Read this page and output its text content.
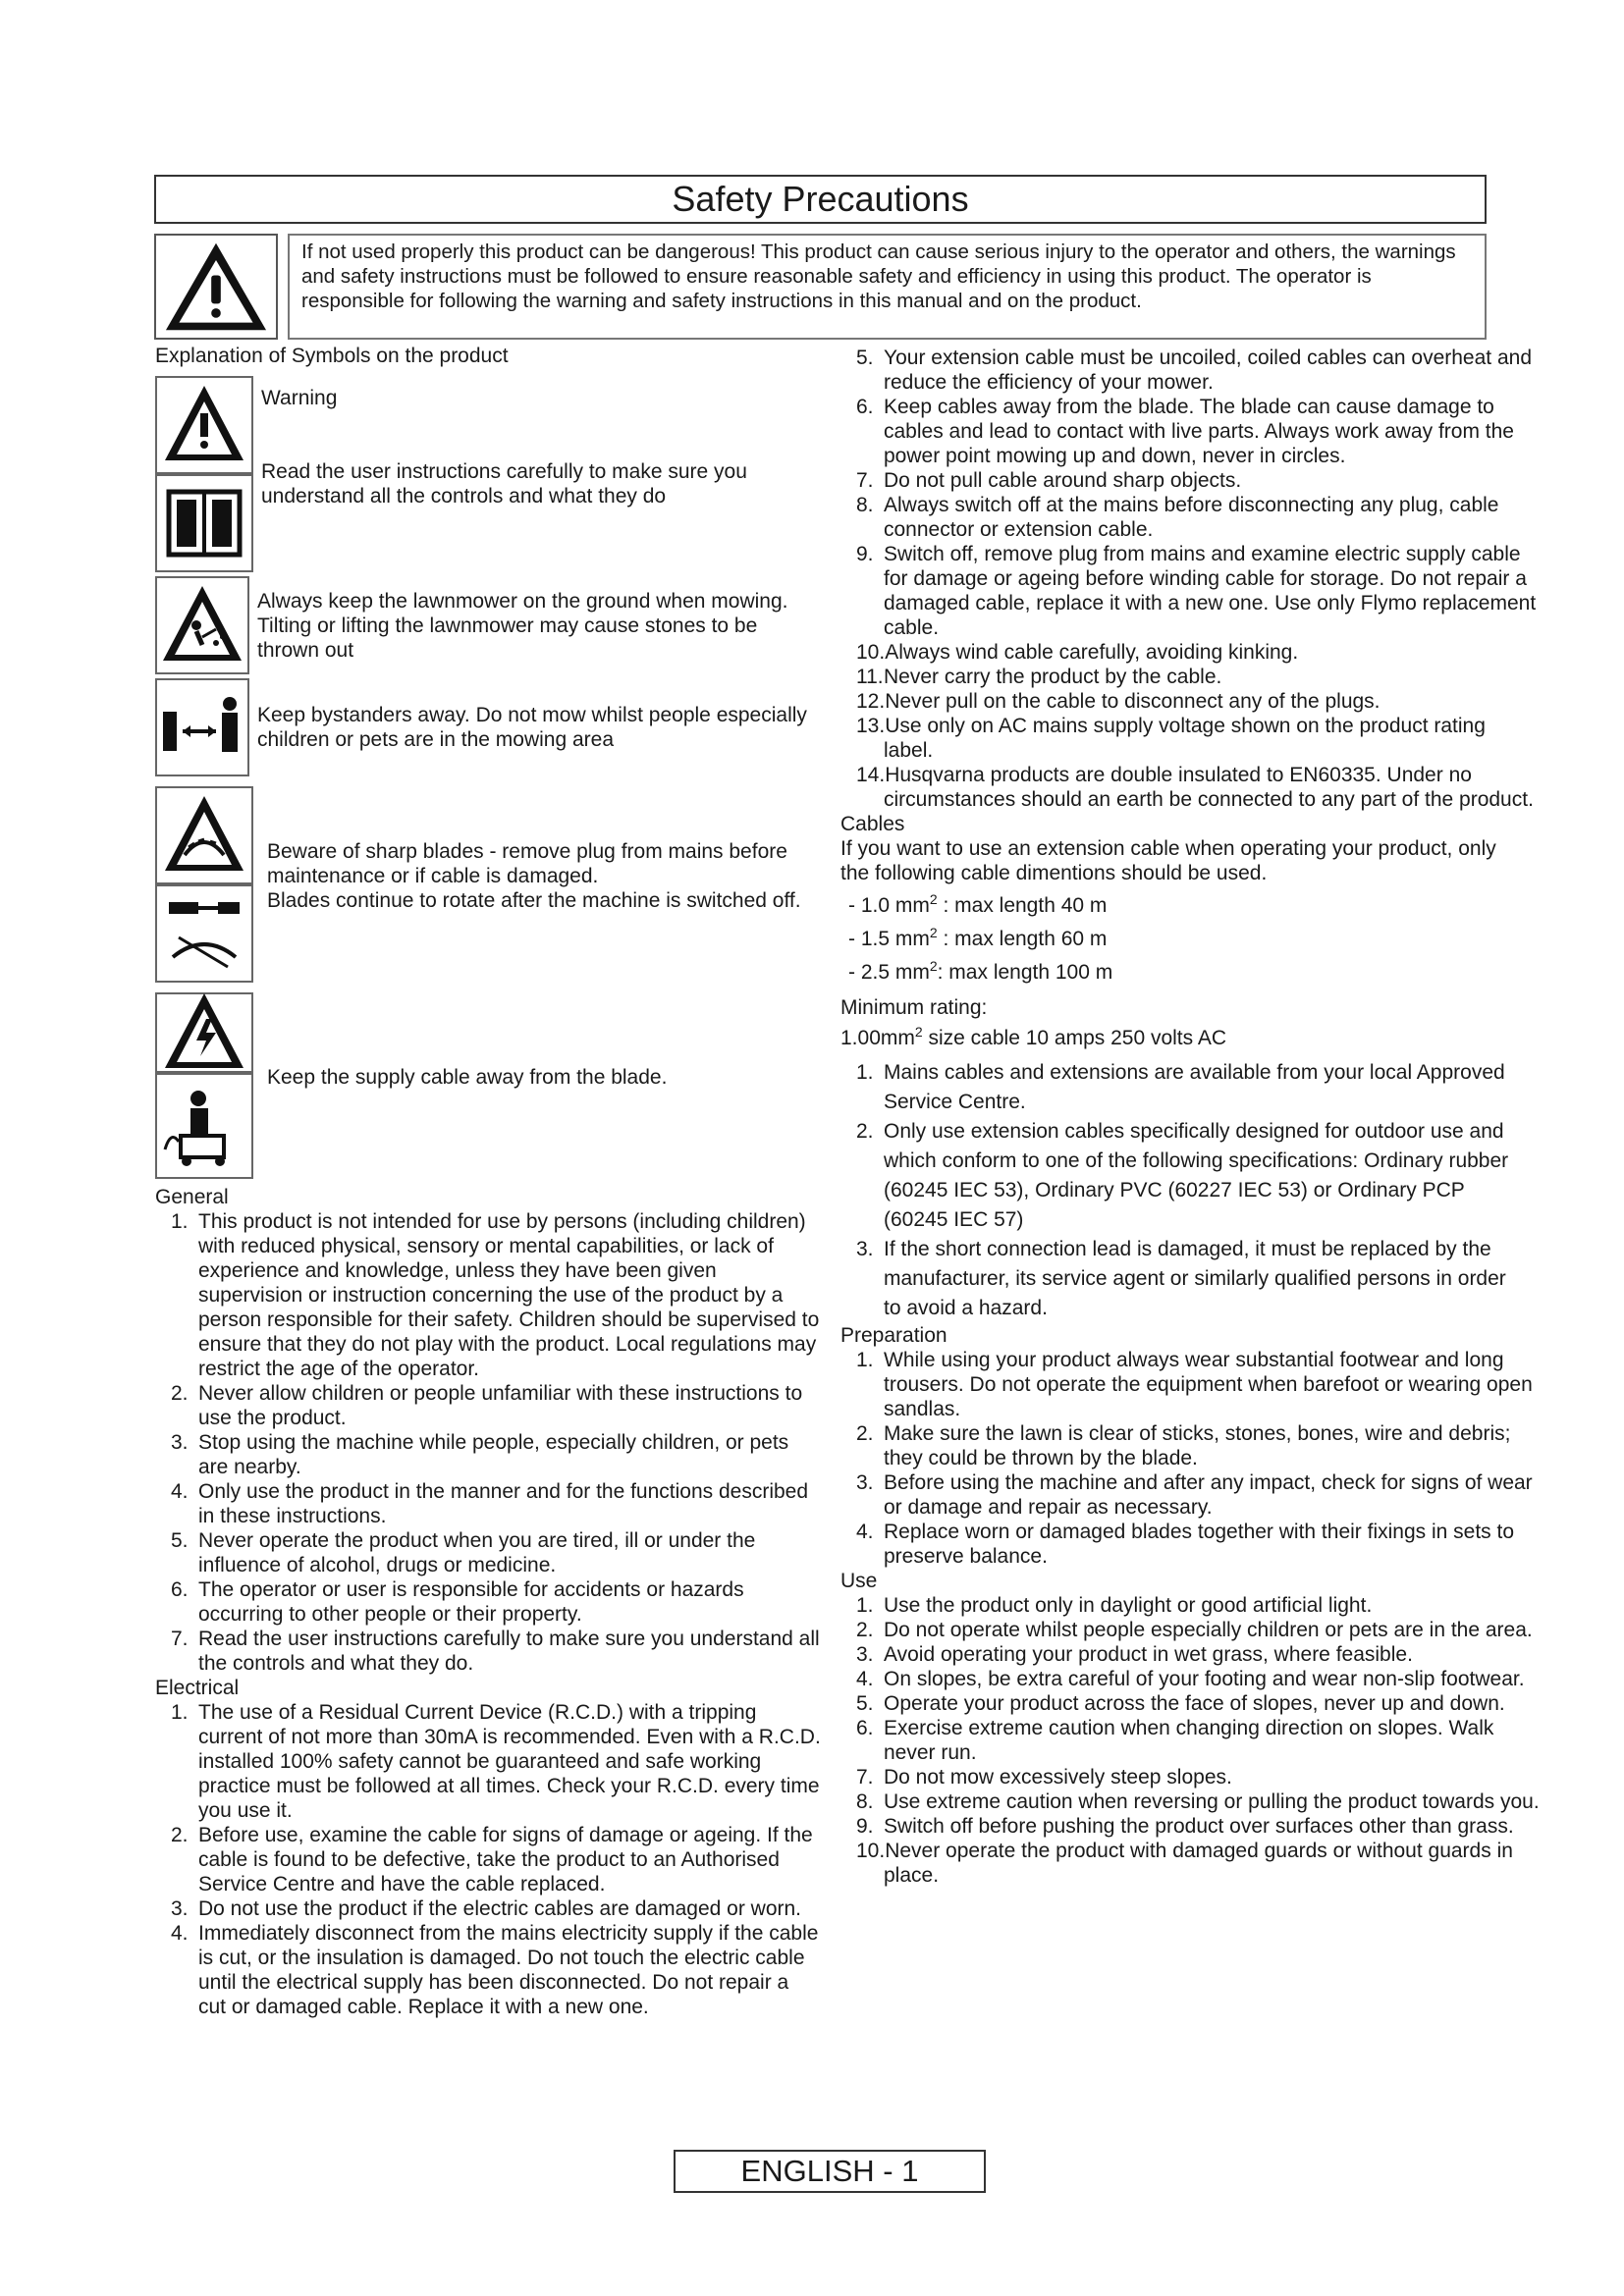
Safety Precautions
If not used properly this product can be dangerous! This product can cause serious injury to the operator and others, the warnings and safety instructions must be followed to ensure reasonable safety and efficiency in using this product. The operator is responsible for following the warning and safety instructions in this manual and on the product.
Explanation of Symbols on the product
Warning
Read the user instructions carefully to make sure you understand all the controls and what they do
Always keep the lawnmower on the ground when mowing. Tilting or lifting the lawnmower may cause stones to be thrown out
Keep bystanders away. Do not mow whilst people especially children or pets are in the mowing area
Beware of sharp blades - remove plug from mains before maintenance or if cable is damaged.
Blades continue to rotate after the machine is switched off.
Keep the supply cable away from the blade.
General
1. This product is not intended for use by persons (including children) with reduced physical, sensory or mental capabilities, or lack of experience and knowledge, unless they have been given supervision or instruction concerning the use of the product by a person responsible for their safety. Children should be supervised to ensure that they do not play with the product. Local regulations may restrict the age of the operator.
2. Never allow children or people unfamiliar with these instructions to use the product.
3. Stop using the machine while people, especially children, or pets are nearby.
4. Only use the product in the manner and for the functions described in these instructions.
5. Never operate the product when you are tired, ill or under the influence of alcohol, drugs or medicine.
6. The operator or user is responsible for accidents or hazards occurring to other people or their property.
7. Read the user instructions carefully to make sure you understand all the controls and what they do.
Electrical
1. The use of a Residual Current Device (R.C.D.) with a tripping current of not more than 30mA is recommended. Even with a R.C.D. installed 100% safety cannot be guaranteed and safe working practice must be followed at all times. Check your R.C.D. every time you use it.
2. Before use, examine the cable for signs of damage or ageing. If the cable is found to be defective, take the product to an Authorised Service Centre and have the cable replaced.
3. Do not use the product if the electric cables are damaged or worn.
4. Immediately disconnect from the mains electricity supply if the cable is cut, or the insulation is damaged. Do not touch the electric cable until the electrical supply has been disconnected. Do not repair a cut or damaged cable. Replace it with a new one.
5. Your extension cable must be uncoiled, coiled cables can overheat and reduce the efficiency of your mower.
6. Keep cables away from the blade. The blade can cause damage to cables and lead to contact with live parts. Always work away from the power point mowing up and down, never in circles.
7. Do not pull cable around sharp objects.
8. Always switch off at the mains before disconnecting any plug, cable connector or extension cable.
9. Switch off, remove plug from mains and examine electric supply cable for damage or ageing before winding cable for storage. Do not repair a damaged cable, replace it with a new one. Use only Flymo replacement cable.
10.Always wind cable carefully, avoiding kinking.
11.Never carry the product by the cable.
12.Never pull on the cable to disconnect any of the plugs.
13.Use only on AC mains supply voltage shown on the product rating label.
14.Husqvarna products are double insulated to EN60335. Under no circumstances should an earth be connected to any part of the product.
Cables
If you want to use an extension cable when operating your product, only the following cable dimentions should be used.
- 1.0 $mm^2$ : max length 40 m
- 1.5 $mm^2$ : max length 60 m
- 2.5 $mm^2$: max length 100 m
Minimum rating:
$1.00mm^2$ size cable 10 amps 250 volts AC
1. Mains cables and extensions are available from your local Approved Service Centre.
2. Only use extension cables specifically designed for outdoor use and which conform to one of the following specifications: Ordinary rubber (60245 IEC 53), Ordinary PVC (60227 IEC 53) or Ordinary PCP (60245 IEC 57)
3. If the short connection lead is damaged, it must be replaced by the manufacturer, its service agent or similarly qualified persons in order to avoid a hazard.
Preparation
1. While using your product always wear substantial footwear and long trousers. Do not operate the equipment when barefoot or wearing open sandlas.
2. Make sure the lawn is clear of sticks, stones, bones, wire and debris; they could be thrown by the blade.
3. Before using the machine and after any impact, check for signs of wear or damage and repair as necessary.
4. Replace worn or damaged blades together with their fixings in sets to preserve balance.
Use
1. Use the product only in daylight or good artificial light.
2. Do not operate whilst people especially children or pets are in the area.
3. Avoid operating your product in wet grass, where feasible.
4. On slopes, be extra careful of your footing and wear non-slip footwear.
5. Operate your product across the face of slopes, never up and down.
6. Exercise extreme caution when changing direction on slopes. Walk never run.
7. Do not mow excessively steep slopes.
8. Use extreme caution when reversing or pulling the product towards you.
9. Switch off before pushing the product over surfaces other than grass.
10.Never operate the product with damaged guards or without guards in place.
ENGLISH - 1
